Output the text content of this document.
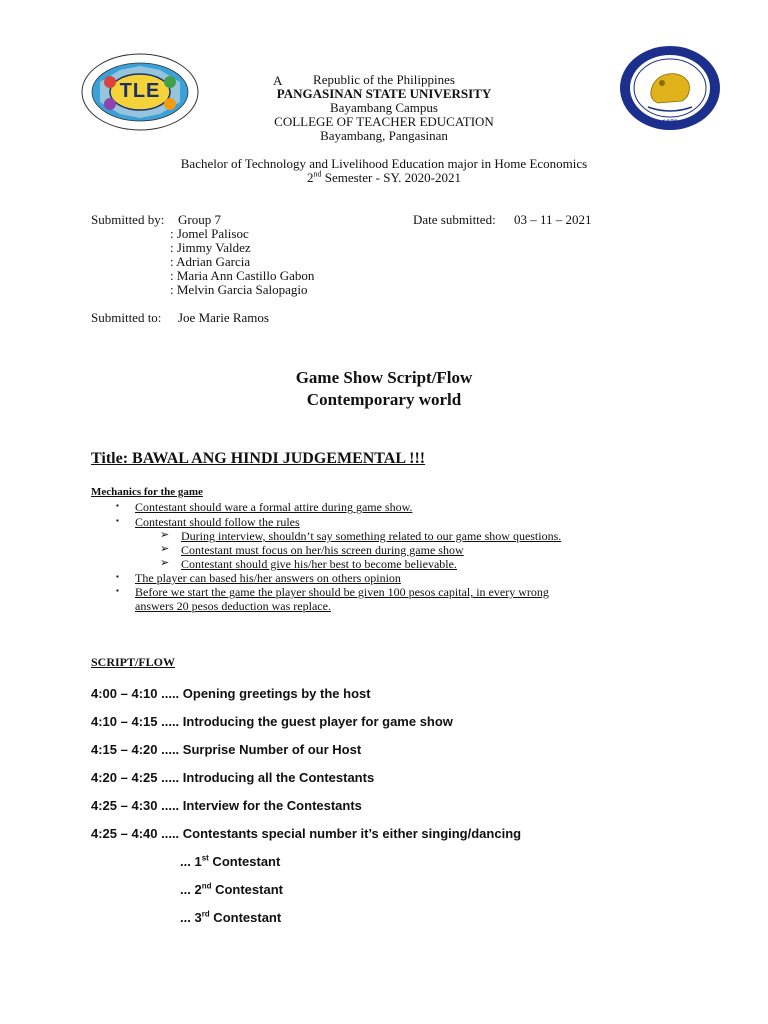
TLE
1979
A	Republic of the Philippines
PANGASINAN STATE UNIVERSITY
Bayambang Campus
COLLEGE OF TEACHER EDUCATION
Bayambang, Pangasinan
Bachelor of Technology and Livelihood Education major in Home Economics
2nd Semester - SY. 2020-2021
Submitted by: Group 7	Date submitted: 03 – 11 – 2021
: Jomel Palisoc
: Jimmy Valdez
: Adrian Garcia
: Maria Ann Castillo Gabon
: Melvin Garcia Salopagio
Submitted to: Joe Marie Ramos
Game Show Script/Flow
Contemporary world
Title: BAWAL ANG HINDI JUDGEMENTAL !!!
Mechanics for the game
▪ Contestant should ware a formal attire during game show.
▪ Contestant should follow the rules
➢ During interview, shouldn’t say something related to our game show questions.
➢ Contestant must focus on her/his screen during game show
➢ Contestant should give his/her best to become believable.
▪ The player can based his/her answers on others opinion
▪ Before we start the game the player should be given 100 pesos capital, in every wrong
answers 20 pesos deduction was replace.
SCRIPT/FLOW
4:00 – 4:10 ..... Opening greetings by the host
4:10 – 4:15 ..... Introducing the guest player for game show
4:15 – 4:20 ..... Surprise Number of our Host
4:20 – 4:25 ..... Introducing all the Contestants
4:25 – 4:30 ..... Interview for the Contestants
4:25 – 4:40 ..... Contestants special number it’s either singing/dancing
... 1st Contestant
... 2nd Contestant
... 3rd Contestant
